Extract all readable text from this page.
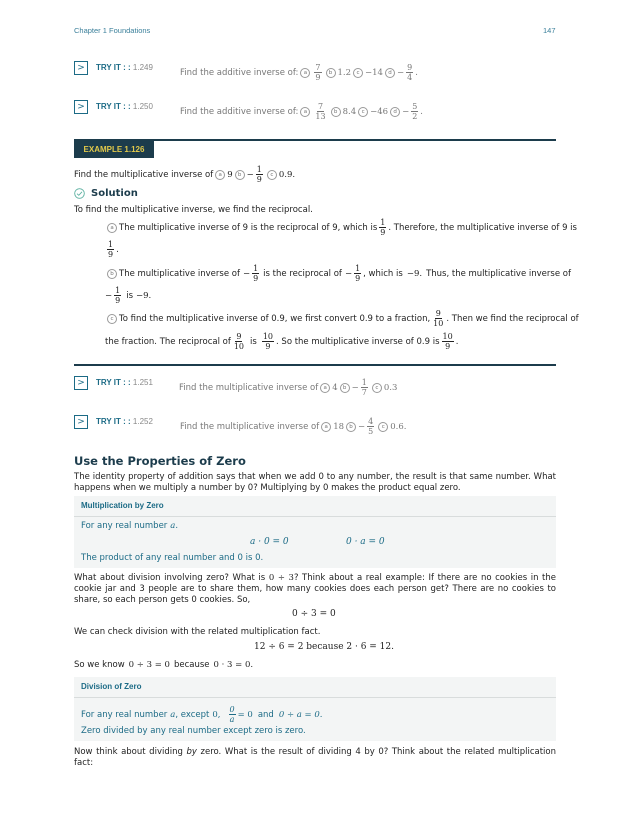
Chapter 1 Foundations	147
>	TRY IT : : 1.249	Find the additive inverse of: a $\frac{7}{9}$	b 1.2 c −14 $d - \frac{9}{4}$ .
>	TRY IT : : 1.250	Find the additive inverse of: a $\frac{7}{13}$	b 8.4 c −46 $d - \frac{5}{2}$ .
EXAMPLE 1.126
Find the multiplicative inverse of a 9 $b - \frac{1}{9}$	c 0.9.
Solution
To find the multiplicative inverse, we find the reciprocal.
a The multiplicative inverse of 9 is the reciprocal of 9, which is $\frac{1}{9}$ . Therefore, the multiplicative inverse of 9 is
$\frac{1}{9}$ .
b The multiplicative inverse of − $\frac{1}{9}$ is the reciprocal of − $\frac{1}{9}$ , which is −9. Thus, the multiplicative inverse of
− $\frac{1}{9}$ is −9.
c To find the multiplicative inverse of 0.9, we first convert 0.9 to a fraction, $\frac{9}{10}$ . Then we find the reciprocal of
the fraction. The reciprocal of $\frac{9}{10}$ is $\frac{10}{9}$ . So the multiplicative inverse of 0.9 is $\frac{10}{9}$ .
>	TRY IT : : 1.251	Find the multiplicative inverse of a 4 $b - \frac{1}{7}$	c 0.3
>	TRY IT : : 1.252	Find the multiplicative inverse of a 18 $b - \frac{4}{5}$	c 0.6.
Use the Properties of Zero
The identity property of addition says that when we add 0 to any number, the result is that same number. What happens when we multiply a number by 0? Multiplying by 0 makes the product equal zero.
Multiplication by Zero
For any real number a .
a · 0 = 0	0 · a = 0
The product of any real number and 0 is 0.
What about division involving zero? What is 0 ÷ 3? Think about a real example: If there are no cookies in the cookie jar and 3 people are to share them, how many cookies does each person get? There are no cookies to share, so each person gets 0 cookies. So,
0 ÷ 3 = 0
We can check division with the related multiplication fact.
12 ÷ 6 = 2 because 2 · 6 = 12.
So we know 0 ÷ 3 = 0 because 0 · 3 = 0.
Division of Zero
For any real number a , except 0, $\frac{0}{a} = 0$ and 0 ÷ a = 0.
Zero divided by any real number except zero is zero.
Now think about dividing by zero. What is the result of dividing 4 by 0? Think about the related multiplication fact:
